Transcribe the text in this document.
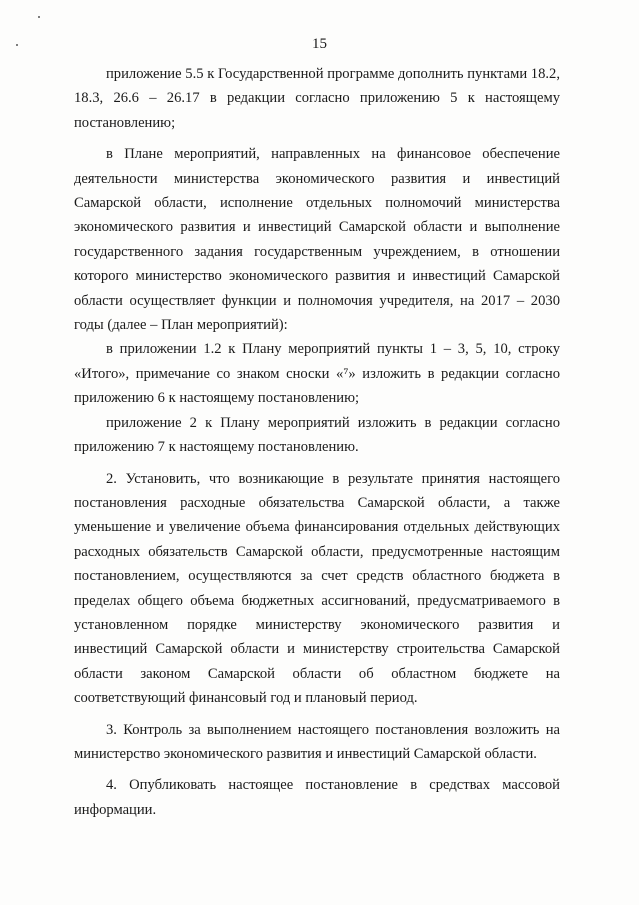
15

приложение 5.5 к Государственной программе дополнить пунктами 18.2, 18.3, 26.6 – 26.17 в редакции согласно приложению 5 к настоящему постановлению;

в Плане мероприятий, направленных на финансовое обеспечение деятельности министерства экономического развития и инвестиций Самарской области, исполнение отдельных полномочий министерства экономического развития и инвестиций Самарской области и выполнение государственного задания государственным учреждением, в отношении которого министерство экономического развития и инвестиций Самарской области осуществляет функции и полномочия учредителя, на 2017 – 2030 годы (далее – План мероприятий):

в приложении 1.2 к Плану мероприятий пункты 1 – 3, 5, 10, строку «Итого», примечание со знаком сноски «⁷» изложить в редакции согласно приложению 6 к настоящему постановлению;

приложение 2 к Плану мероприятий изложить в редакции согласно приложению 7 к настоящему постановлению.

2. Установить, что возникающие в результате принятия настоящего постановления расходные обязательства Самарской области, а также уменьшение и увеличение объема финансирования отдельных действующих расходных обязательств Самарской области, предусмотренные настоящим постановлением, осуществляются за счет средств областного бюджета в пределах общего объема бюджетных ассигнований, предусматриваемого в установленном порядке министерству экономического развития и инвестиций Самарской области и министерству строительства Самарской области законом Самарской области об областном бюджете на соответствующий финансовый год и плановый период.

3. Контроль за выполнением настоящего постановления возложить на министерство экономического развития и инвестиций Самарской области.

4. Опубликовать настоящее постановление в средствах массовой информации.
